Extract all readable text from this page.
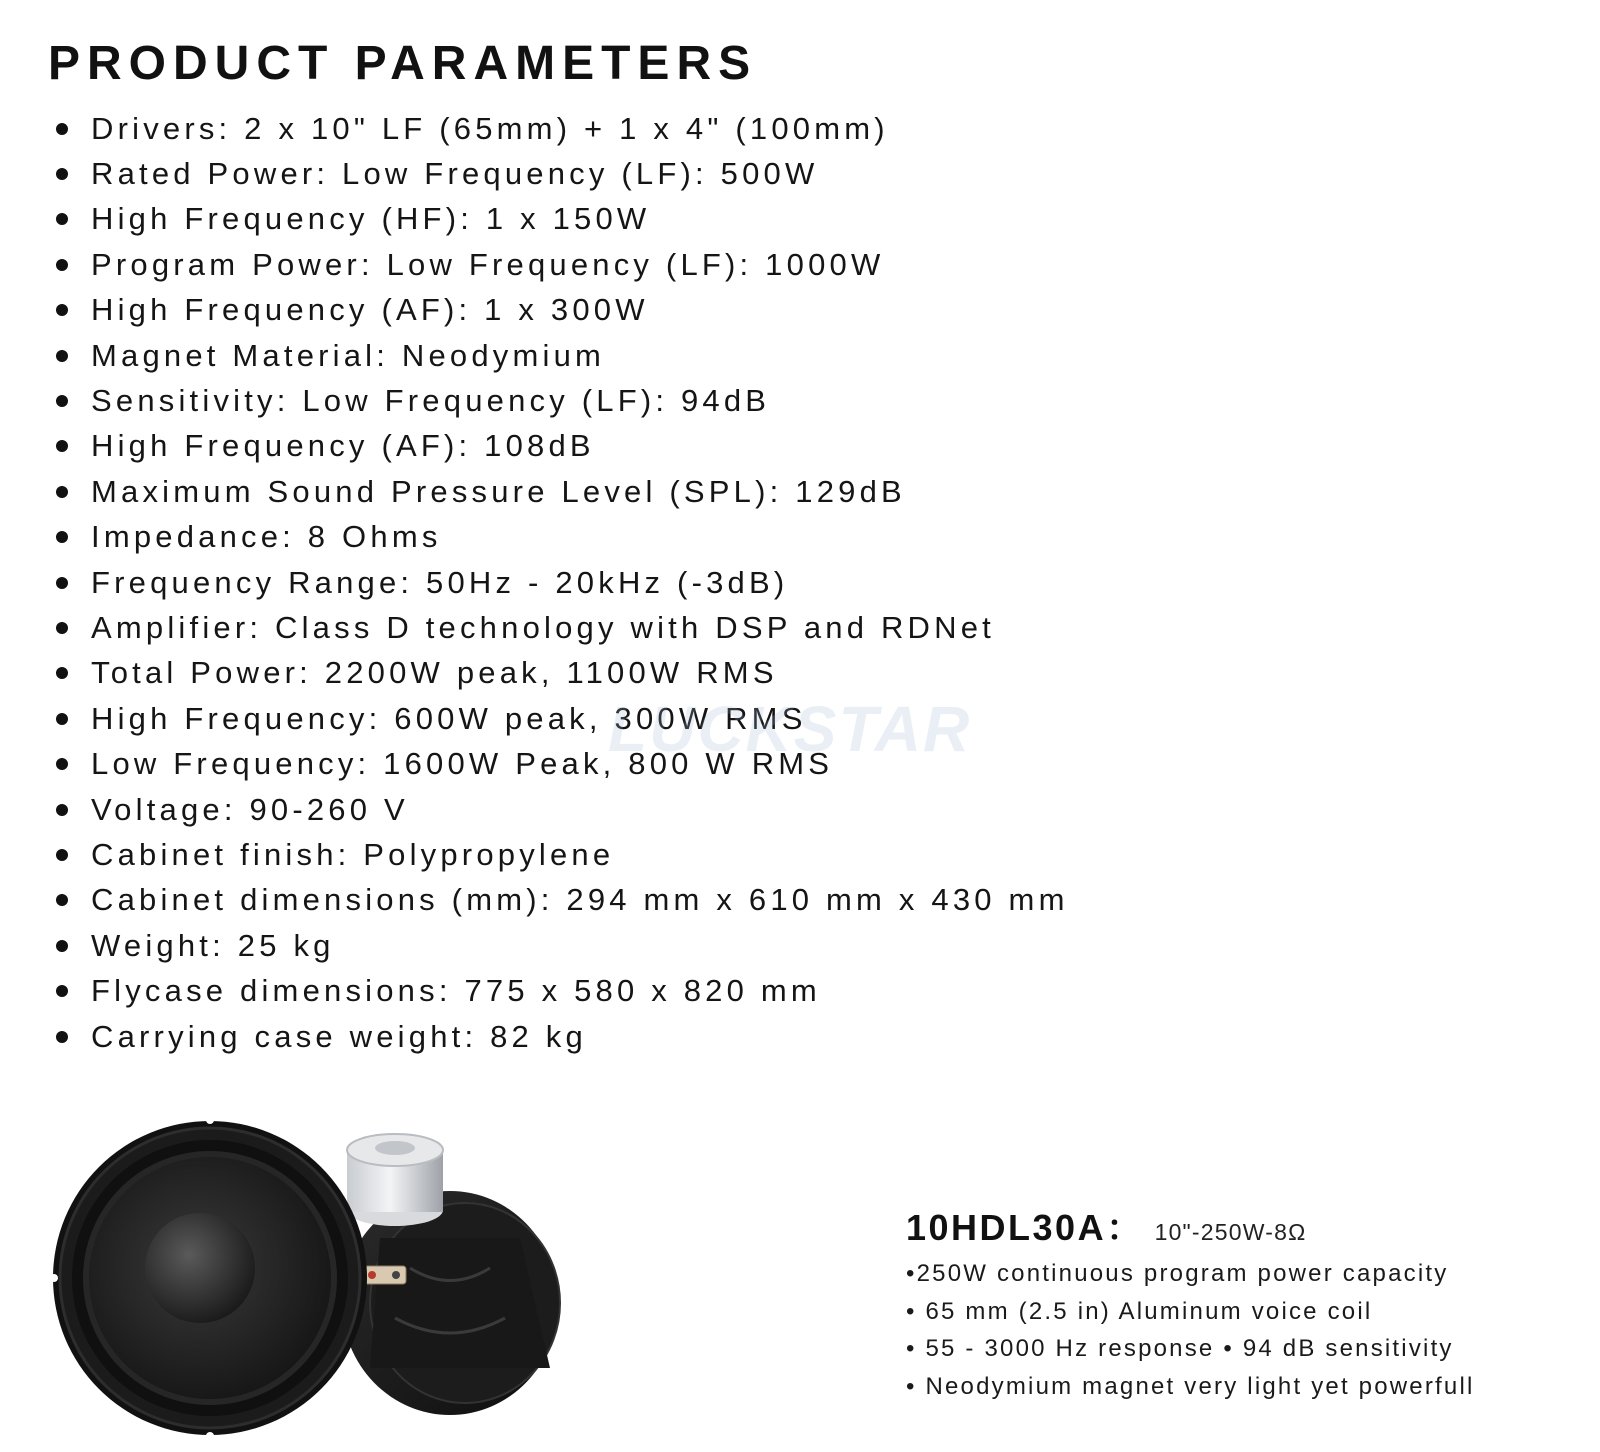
PRODUCT PARAMETERS
Drivers: 2 x 10" LF (65mm) + 1 x 4" (100mm)
Rated Power: Low Frequency (LF): 500W
High Frequency (HF): 1 x 150W
Program Power: Low Frequency (LF): 1000W
High Frequency (AF): 1 x 300W
Magnet Material: Neodymium
Sensitivity: Low Frequency (LF): 94dB
High Frequency (AF): 108dB
Maximum Sound Pressure Level (SPL): 129dB
Impedance: 8 Ohms
Frequency Range: 50Hz - 20kHz (-3dB)
Amplifier: Class D technology with DSP and RDNet
Total Power: 2200W peak, 1100W RMS
High Frequency: 600W peak, 300W RMS
Low Frequency: 1600W Peak, 800 W RMS
Voltage: 90-260 V
Cabinet finish: Polypropylene
Cabinet dimensions (mm): 294 mm x 610 mm x 430 mm
Weight: 25 kg
Flycase dimensions: 775 x 580 x 820 mm
Carrying case weight: 82 kg
LUCKSTAR
10HDL30A： 10"-250W-8Ω
•250W continuous program power capacity
• 65 mm (2.5 in) Aluminum voice coil
• 55 - 3000 Hz response • 94 dB sensitivity
• Neodymium magnet very light yet powerfull
